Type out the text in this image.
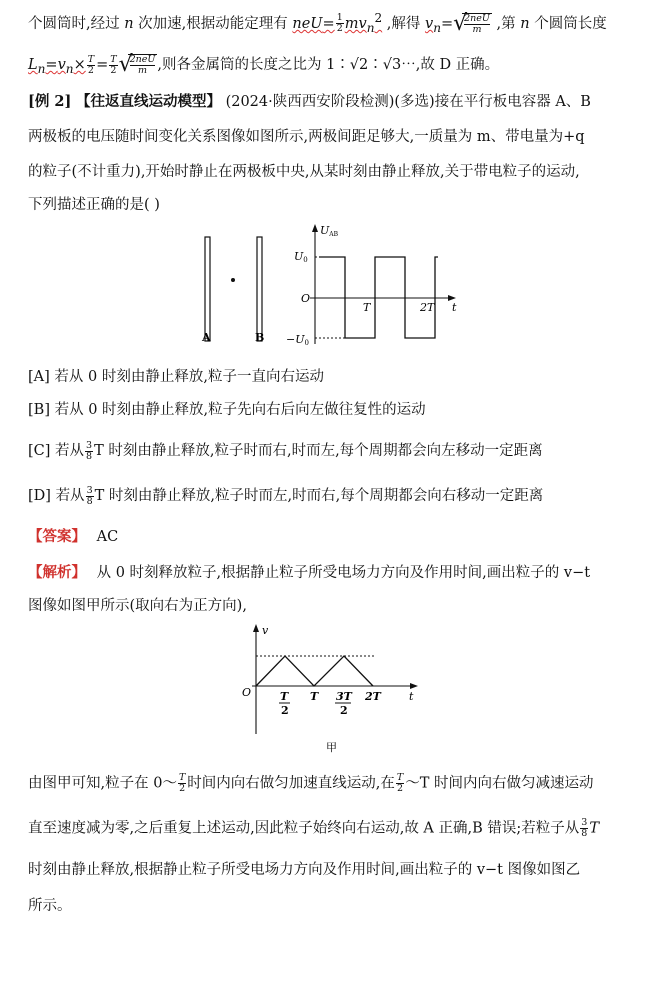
个圆筒时,经过 n 次加速,根据动能定理有 $neU= \frac{1}{2} mv_n^2$ ,解得 $v_n=$ √
2neU
m	,第 n 个圆筒长度
$L_n=v_n\times \frac{T}{2} = \frac{T}{2}$ √
2neU
m ,则各金属筒的长度之比为 1∶√2∶√3⋯,故 D 正确。
[例 2] 【往返直线运动模型】 (2024·陕西西安阶段检测)(多选)接在平行板电容器 A、B
两极板的电压随时间变化关系图像如图所示,两极间距足够大,一质量为 m、带电量为+q
的粒子(不计重力),开始时静止在两极板中央,从某时刻由静止释放,关于带电粒子的运动,
下列描述正确的是( )
A	B
UAB
U0
−U0
O
T	2T t
[A] 若从 0 时刻由静止释放,粒子一直向右运动
[B] 若从 0 时刻由静止释放,粒子先向右后向左做往复性的运动
[C] 若从 $\frac{3}{8}$ T 时刻由静止释放,粒子时而右,时而左,每个周期都会向左移动一定距离
[D] 若从 $\frac{3}{8}$ T 时刻由静止释放,粒子时而左,时而右,每个周期都会向右移动一定距离
【答案】 AC
【解析】 从 0 时刻释放粒子,根据静止粒子所受电场力方向及作用时间,画出粒子的 v−t
图像如图甲所示(取向右为正方向),
v
O	T
2
T 3T
2
2T	t
甲
由图甲可知,粒子在 0～ $\frac{T}{2}$ 时间内向右做匀加速直线运动,在 $\frac{T}{2}$ ～T 时间内向右做匀减速运动
直至速度减为零,之后重复上述运动,因此粒子始终向右运动,故 A 正确,B 错误;若粒子从 $\frac{3}{8}$ T
时刻由静止释放,根据静止粒子所受电场力方向及作用时间,画出粒子的 v−t 图像如图乙
所示。
